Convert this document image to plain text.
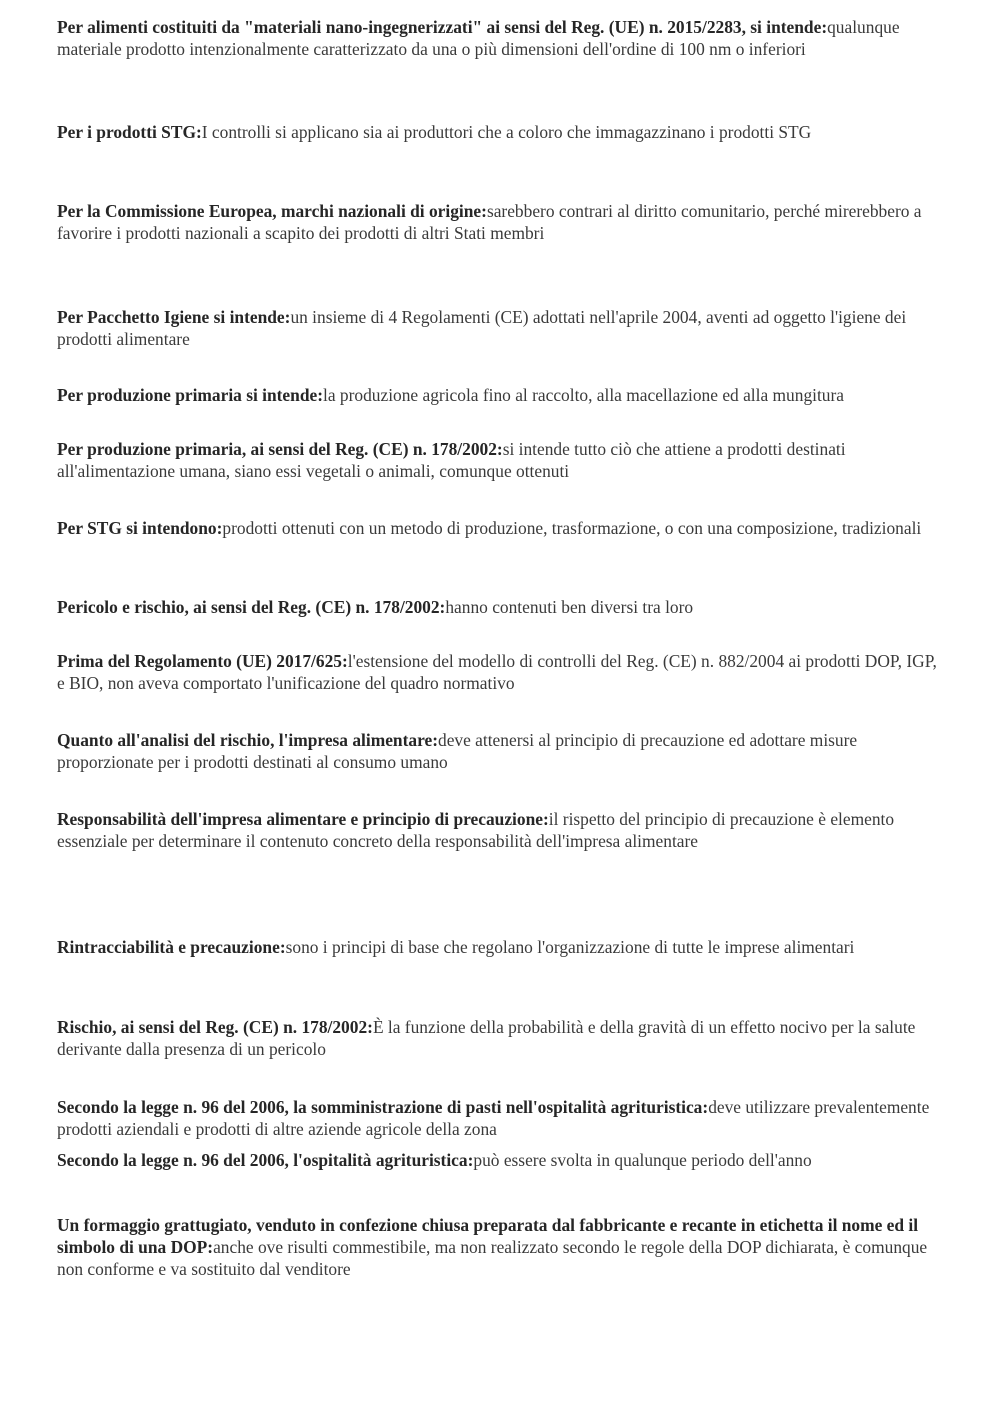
Per alimenti costituiti da "materiali nano-ingegnerizzati" ai sensi del Reg. (UE) n. 2015/2283, si intende:qualunque materiale prodotto intenzionalmente caratterizzato da una o più dimensioni dell'ordine di 100 nm o inferiori

Per i prodotti STG:I controlli si applicano sia ai produttori che a coloro che immagazzinano i prodotti STG

Per la Commissione Europea, marchi nazionali di origine:sarebbero contrari al diritto comunitario, perché mirerebbero a favorire i prodotti nazionali a scapito dei prodotti di altri Stati membri

Per Pacchetto Igiene si intende:un insieme di 4 Regolamenti (CE) adottati nell'aprile 2004, aventi ad oggetto l'igiene dei prodotti alimentare

Per produzione primaria si intende:la produzione agricola fino al raccolto, alla macellazione ed alla mungitura

Per produzione primaria, ai sensi del Reg. (CE) n. 178/2002:si intende tutto ciò che attiene a prodotti destinati all'alimentazione umana, siano essi vegetali o animali, comunque ottenuti

Per STG si intendono:prodotti ottenuti con un metodo di produzione, trasformazione, o con una composizione, tradizionali

Pericolo e rischio, ai sensi del Reg. (CE) n. 178/2002:hanno contenuti ben diversi tra loro

Prima del Regolamento (UE) 2017/625:l'estensione del modello di controlli del Reg. (CE) n. 882/2004 ai prodotti DOP, IGP, e BIO, non aveva comportato l'unificazione del quadro normativo

Quanto all'analisi del rischio, l'impresa alimentare:deve attenersi al principio di precauzione ed adottare misure proporzionate per i prodotti destinati al consumo umano

Responsabilità dell'impresa alimentare e principio di precauzione:il rispetto del principio di precauzione è elemento essenziale per determinare il contenuto concreto della responsabilità dell'impresa alimentare

Rintracciabilità e precauzione:sono i principi di base che regolano l'organizzazione di tutte le imprese alimentari

Rischio, ai sensi del Reg. (CE) n. 178/2002:È la funzione della probabilità e della gravità di un effetto nocivo per la salute derivante dalla presenza di un pericolo

Secondo la legge n. 96 del 2006, la somministrazione di pasti nell'ospitalità agrituristica:deve utilizzare prevalentemente prodotti aziendali e prodotti di altre aziende agricole della zona

Secondo la legge n. 96 del 2006, l'ospitalità agrituristica:può essere svolta in qualunque periodo dell'anno

Un formaggio grattugiato, venduto in confezione chiusa preparata dal fabbricante e recante in etichetta il nome ed il simbolo di una DOP:anche ove risulti commestibile, ma non realizzato secondo le regole della DOP dichiarata, è comunque non conforme e va sostituito dal venditore
